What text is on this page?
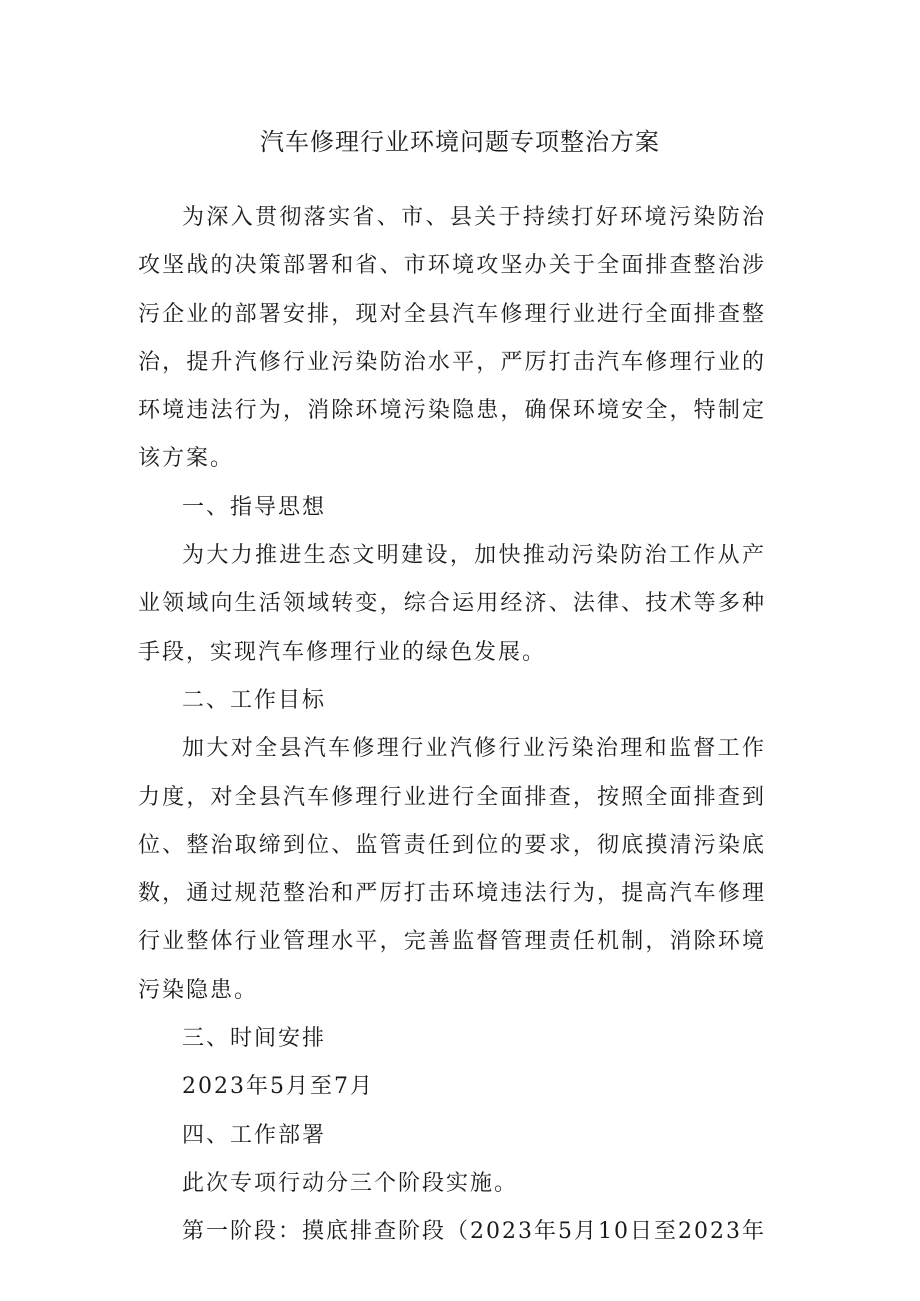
汽车修理行业环境问题专项整治方案

为深入贯彻落实省、市、县关于持续打好环境污染防治攻坚战的决策部署和省、市环境攻坚办关于全面排查整治涉污企业的部署安排，现对全县汽车修理行业进行全面排查整治，提升汽修行业污染防治水平，严厉打击汽车修理行业的环境违法行为，消除环境污染隐患，确保环境安全，特制定该方案。

一、指导思想

为大力推进生态文明建设，加快推动污染防治工作从产业领域向生活领域转变，综合运用经济、法律、技术等多种手段，实现汽车修理行业的绿色发展。

二、工作目标

加大对全县汽车修理行业汽修行业污染治理和监督工作力度，对全县汽车修理行业进行全面排查，按照全面排查到位、整治取缔到位、监管责任到位的要求，彻底摸清污染底数，通过规范整治和严厉打击环境违法行为，提高汽车修理行业整体行业管理水平，完善监督管理责任机制，消除环境污染隐患。

三、时间安排

2023年5月至7月

四、工作部署

此次专项行动分三个阶段实施。

第一阶段：摸底排查阶段（2023年5月10日至2023年
